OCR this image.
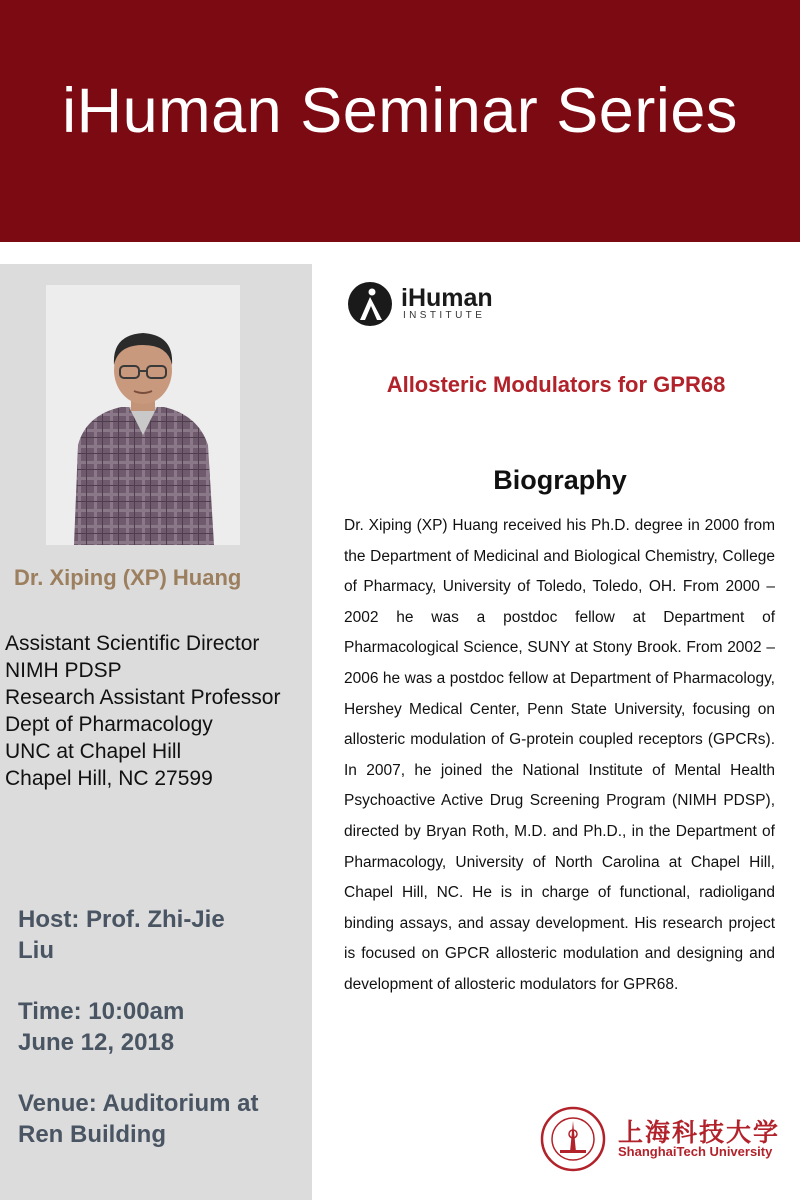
iHuman Seminar Series
Dr. Xiping (XP) Huang
Assistant Scientific Director
NIMH PDSP
Research Assistant Professor
Dept of Pharmacology
UNC at Chapel Hill
Chapel Hill, NC 27599
Host: Prof. Zhi-Jie
Liu
Time: 10:00am
June 12, 2018
Venue: Auditorium at
Ren Building
iHuman
INSTITUTE
Allosteric Modulators for GPR68
Biography
Dr. Xiping (XP) Huang received his Ph.D. degree in 2000 from the Department of Medicinal and Biological Chemistry, College of Pharmacy, University of Toledo, Toledo, OH. From 2000 – 2002 he was a postdoc fellow at Department of Pharmacological Science, SUNY at Stony Brook. From 2002 – 2006 he was a postdoc fellow at Department of Pharmacology, Hershey Medical Center, Penn State University, focusing on allosteric modulation of G-protein coupled receptors (GPCRs). In 2007, he joined the National Institute of Mental Health Psychoactive Active Drug Screening Program (NIMH PDSP), directed by Bryan Roth, M.D. and Ph.D., in the Department of Pharmacology, University of North Carolina at Chapel Hill, Chapel Hill, NC. He is in charge of functional, radioligand binding assays, and assay development. His research project is focused on GPCR allosteric modulation and designing and development of allosteric modulators for GPR68.
上海科技大学
ShanghaiTech University
